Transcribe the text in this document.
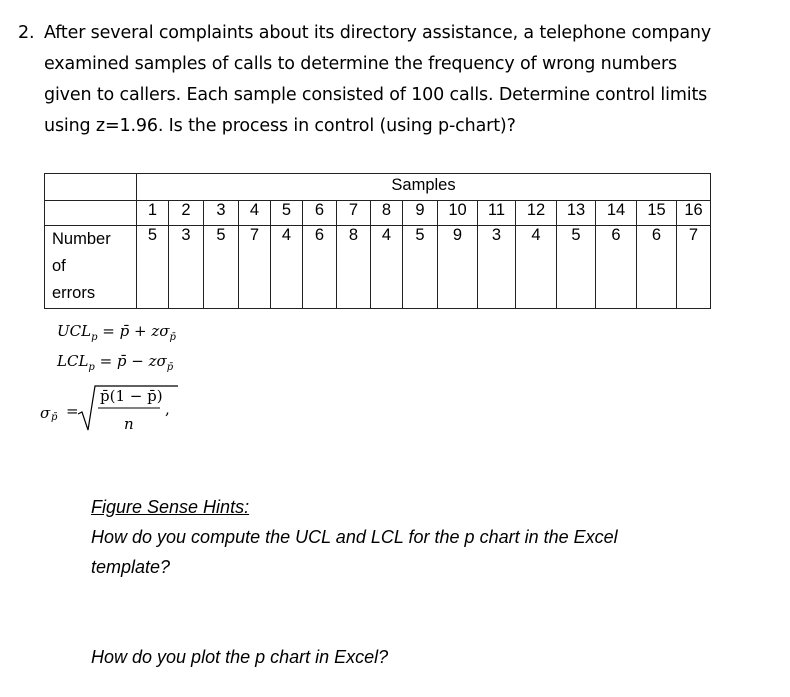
2. After several complaints about its directory assistance, a telephone company
examined samples of calls to determine the frequency of wrong numbers
given to callers. Each sample consisted of 100 calls. Determine control limits
using z=1.96. Is the process in control (using p-chart)?
	Samples															
	1	2	3	4	5	6	7	8	9	10	11	12	13	14	15	16

Number
of
errors	5	3	5	7	4	6	8	4	5	9	3	4	5	6	6	7
$UCL_p$ = p̄ + $z\sigma_{p̄}$
$LCL_p$ = p̄ − $z\sigma_{p̄}$
σ p̄ =
p̄(1 − p̄)
n
,
Figure Sense Hints:
How do you compute the UCL and LCL for the p chart in the Excel
template?
How do you plot the p chart in Excel?
